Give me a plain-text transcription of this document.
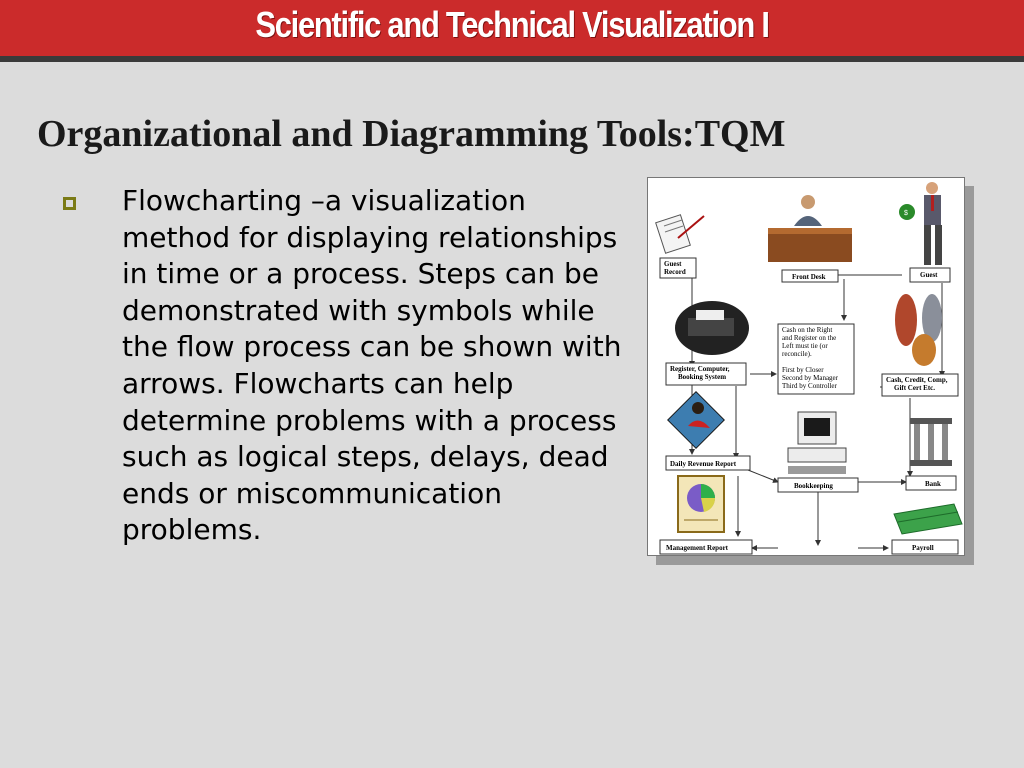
Scientific and Technical Visualization I
Organizational and Diagramming Tools:TQM
Flowcharting –a visualization method for displaying relationships in time or a process. Steps can be demonstrated with symbols while the flow process can be shown with arrows. Flowcharts can help determine problems with a process such as logical steps, delays, dead ends or miscommunication problems.
$
Guest
Record
Front Desk	Guest
Register, Computer,
Booking System
Cash on the Right
and Register on the
Left must tie (or
reconcile).
First by Closer
Second by Manager
Third by Controller
Cash, Credit, Comp,
Gift Cert Etc.
Daily Revenue Report
Bookkeeping	Bank
Management Report	Payroll
